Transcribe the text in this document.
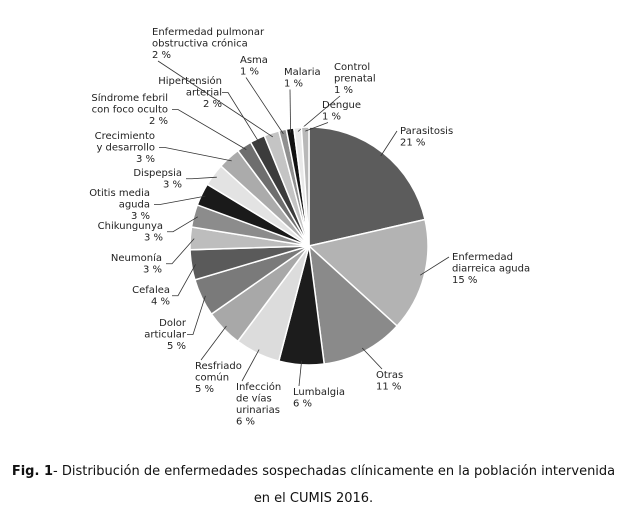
Parasitosis 21 %
Enfermedad diarreica aguda 15 %
Otras 11 %
Lumbalgia 6 %
Infección de vías urinarias 6 %
Resfriado común 5 %
Dolor articular 5 %
Cefalea 4 %
Neumonía 3 %
Chikungunya 3 %
Otitis media aguda 3 %
Dispepsia 3 %
Crecimiento y desarrollo 3 %
Síndrome febril con foco oculto 2 %
Hipertensión arterial 2 %
Enfermedad pulmonar obstructiva crónica 2 %	Asma 1 %	Malaria 1 %
Control prenatal 1 %
Dengue 1 %
Fig. 1- Distribución de enfermedades sospechadas clínicamente en la población intervenida
en el CUMIS 2016.
